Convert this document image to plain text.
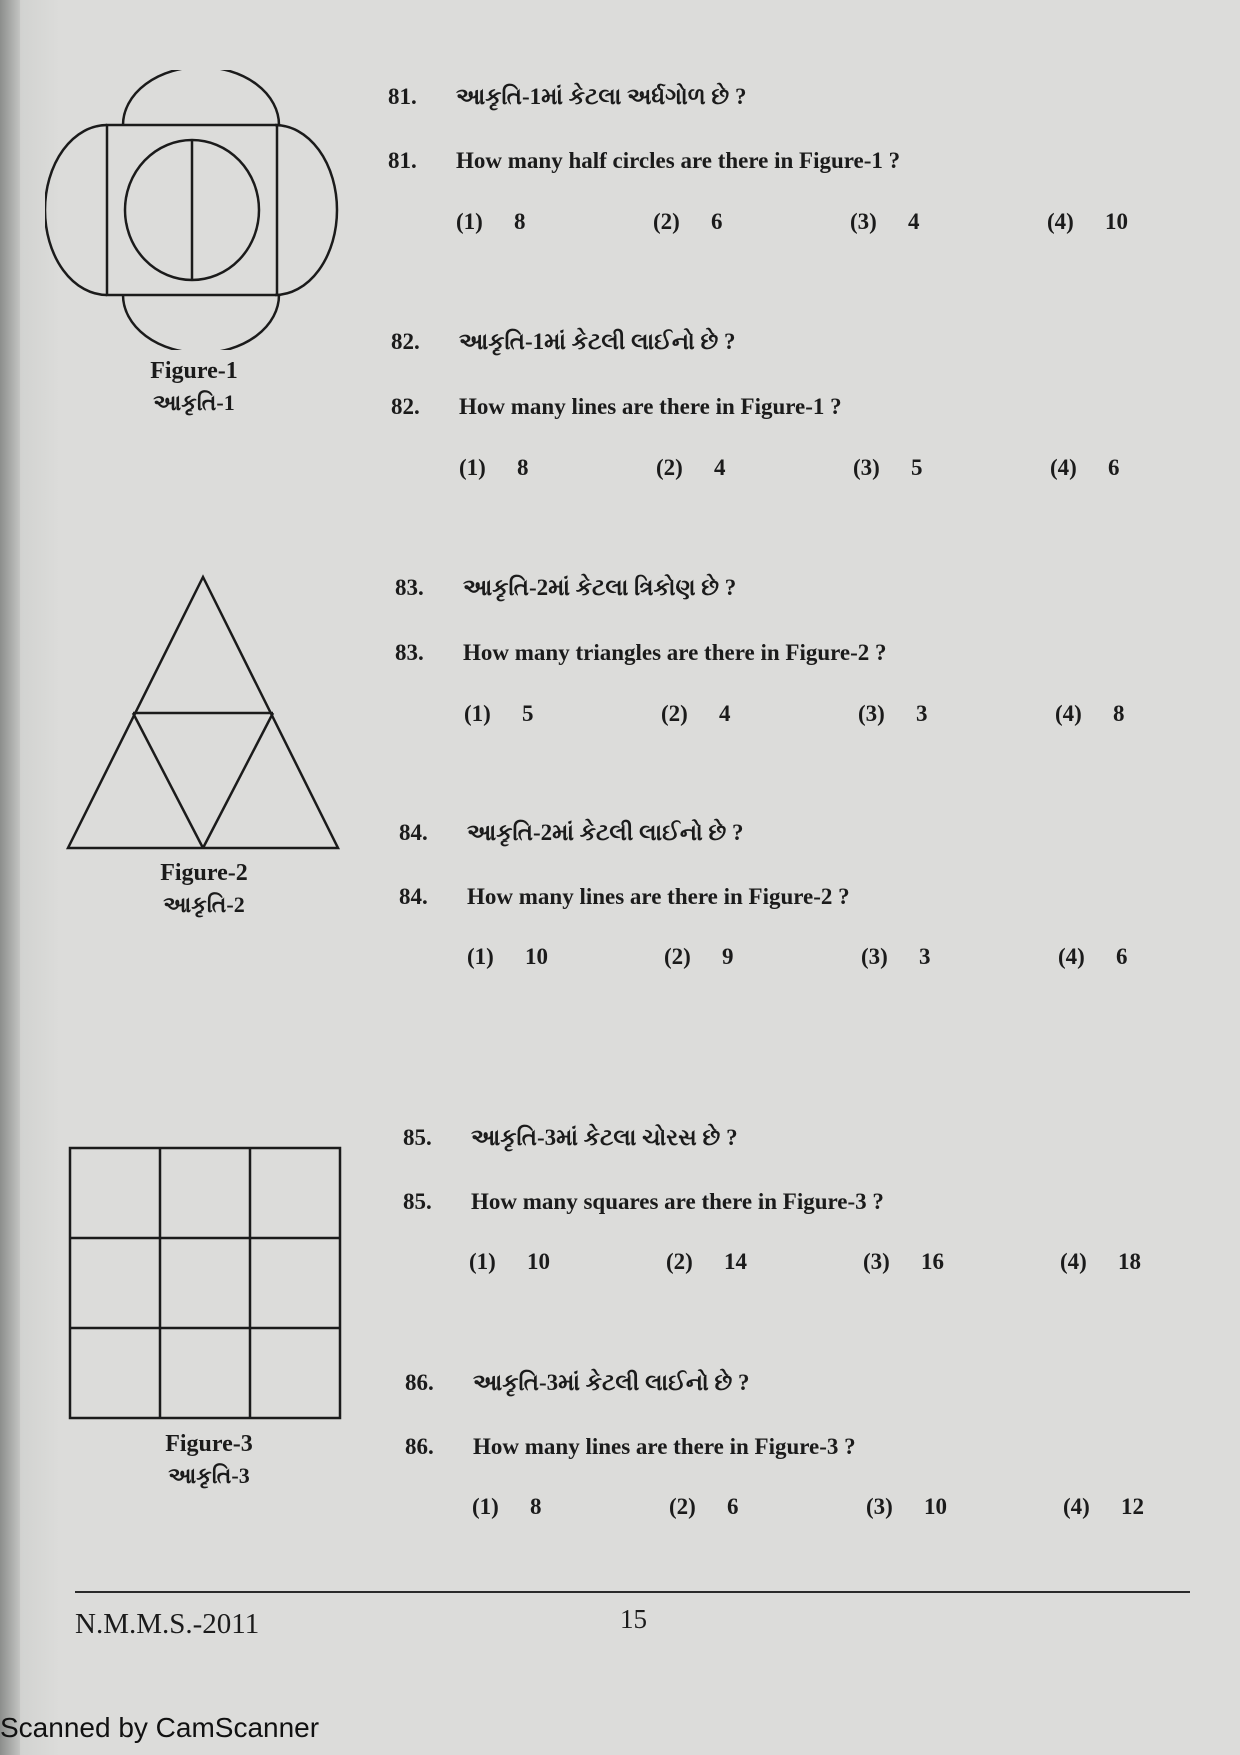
Figure-1
આકૃતિ-1
Figure-2
આકૃતિ-2
Figure-3
આકૃતિ-3
81. આકૃતિ-1માં કેટલા અર્ધગોળ છે ?
81. How many half circles are there in Figure-1 ?
(1) 8	(2) 6	(3) 4	(4) 10
82. આકૃતિ-1માં કેટલી લાઈનો છે ?
82. How many lines are there in Figure-1 ?
(1) 8	(2) 4	(3) 5	(4) 6
83. આકૃતિ-2માં કેટલા ત્રિકોણ છે ?
83. How many triangles are there in Figure-2 ?
(1) 5	(2) 4	(3) 3	(4) 8
84. આકૃતિ-2માં કેટલી લાઈનો છે ?
84. How many lines are there in Figure-2 ?
(1) 10	(2) 9	(3) 3	(4) 6
85. આકૃતિ-3માં કેટલા ચોરસ છે ?
85. How many squares are there in Figure-3 ?
(1) 10	(2) 14	(3) 16	(4) 18
86. આકૃતિ-3માં કેટલી લાઈનો છે ?
86. How many lines are there in Figure-3 ?
(1) 8	(2) 6	(3) 10	(4) 12
N.M.M.S.-2011	15
Scanned by CamScanner
